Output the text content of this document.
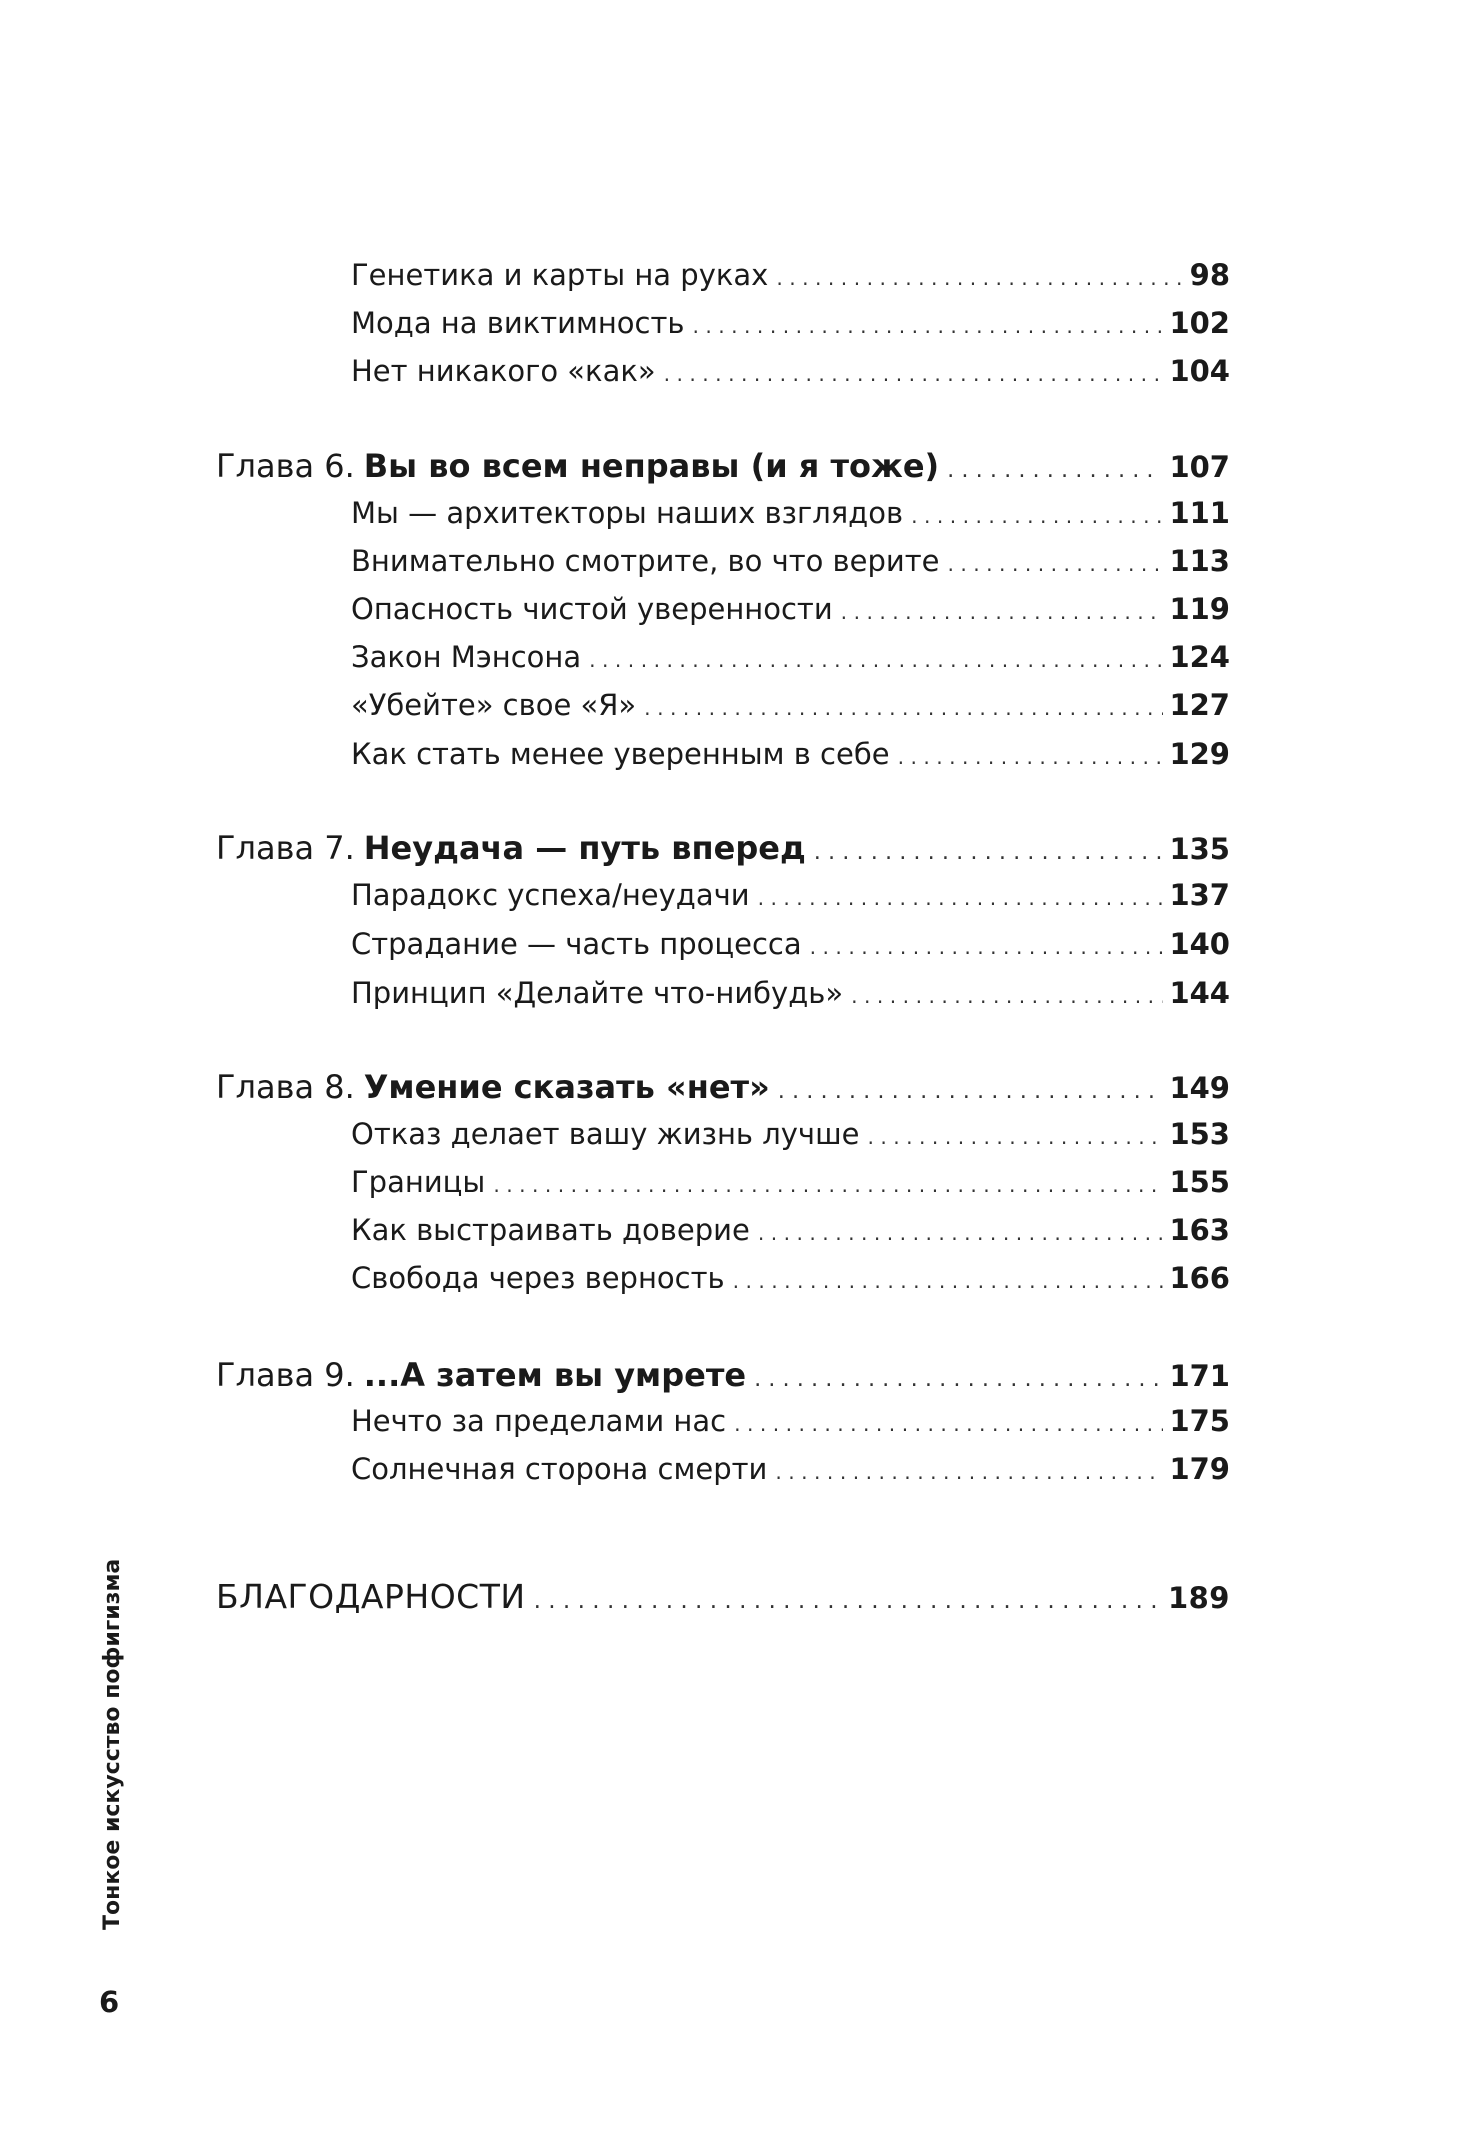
Генетика и карты на руках . . .	98
Мода на виктимность . . .	102
Нет никакого «как» . . .	104
Глава 6. Вы во всем неправы (и я тоже) . . .	107
Мы — архитекторы наших взглядов . . .	111
Внимательно смотрите, во что верите . . .	113
Опасность чистой уверенности . . .	119
Закон Мэнсона . . .	124
«Убейте» свое «Я» . . .	127
Как стать менее уверенным в себе . . .	129
Глава 7. Неудача — путь вперед . . .	135
Парадокс успеха/неудачи . . .	137
Страдание — часть процесса . . .	140
Принцип «Делайте что-нибудь» . . .	144
Глава 8. Умение сказать «нет» . . .	149
Отказ делает вашу жизнь лучше . . .	153
Границы . . .	155
Как выстраивать доверие . . .	163
Свобода через верность . . .	166
Глава 9. ...А затем вы умрете . . .	171
Нечто за пределами нас . . .	175
Солнечная сторона смерти . . .	179
БЛАГОДАРНОСТИ . . .	189
Тонкое искусство пофигизма
6
